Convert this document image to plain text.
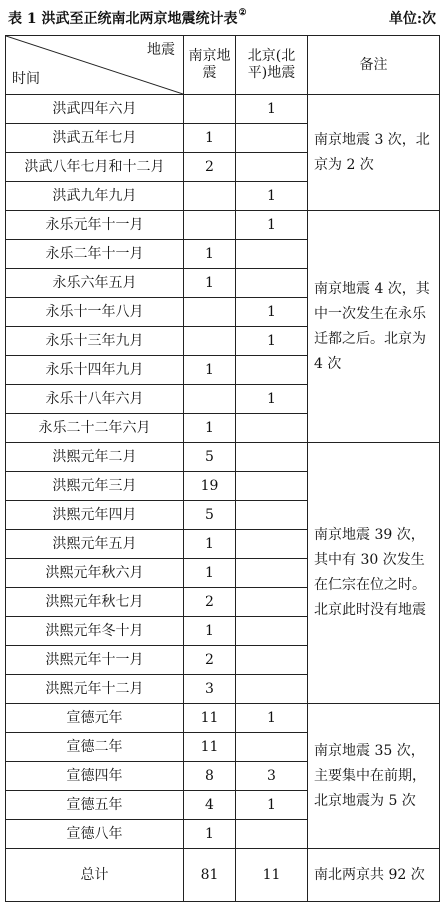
表 1 洪武至正统南北两京地震统计表②	单位:次
地震
时间	南京地震	北京(北平)地震	备注
洪武四年六月		1	南京地震 3 次，北京为 2 次
洪武五年七月	1		
洪武八年七月和十二月	2		
洪武九年九月		1	
永乐元年十一月		1	南京地震 4 次，其中一次发生在永乐迁都之后。北京为 4 次
永乐二年十一月	1		
永乐六年五月	1		
永乐十一年八月		1	
永乐十三年九月		1	
永乐十四年九月	1		
永乐十八年六月		1	
永乐二十二年六月	1		
洪熙元年二月	5		南京地震 39 次，其中有 30 次发生在仁宗在位之时。北京此时没有地震
洪熙元年三月	19		
洪熙元年四月	5		
洪熙元年五月	1		
洪熙元年秋六月	1		
洪熙元年秋七月	2		
洪熙元年冬十月	1		
洪熙元年十一月	2		
洪熙元年十二月	3		
宣德元年	11	1	南京地震 35 次，主要集中在前期，北京地震为 5 次
宣德二年	11		
宣德四年	8	3	
宣德五年	4	1	
宣德八年	1		
总计	81	11	南北两京共 92 次
